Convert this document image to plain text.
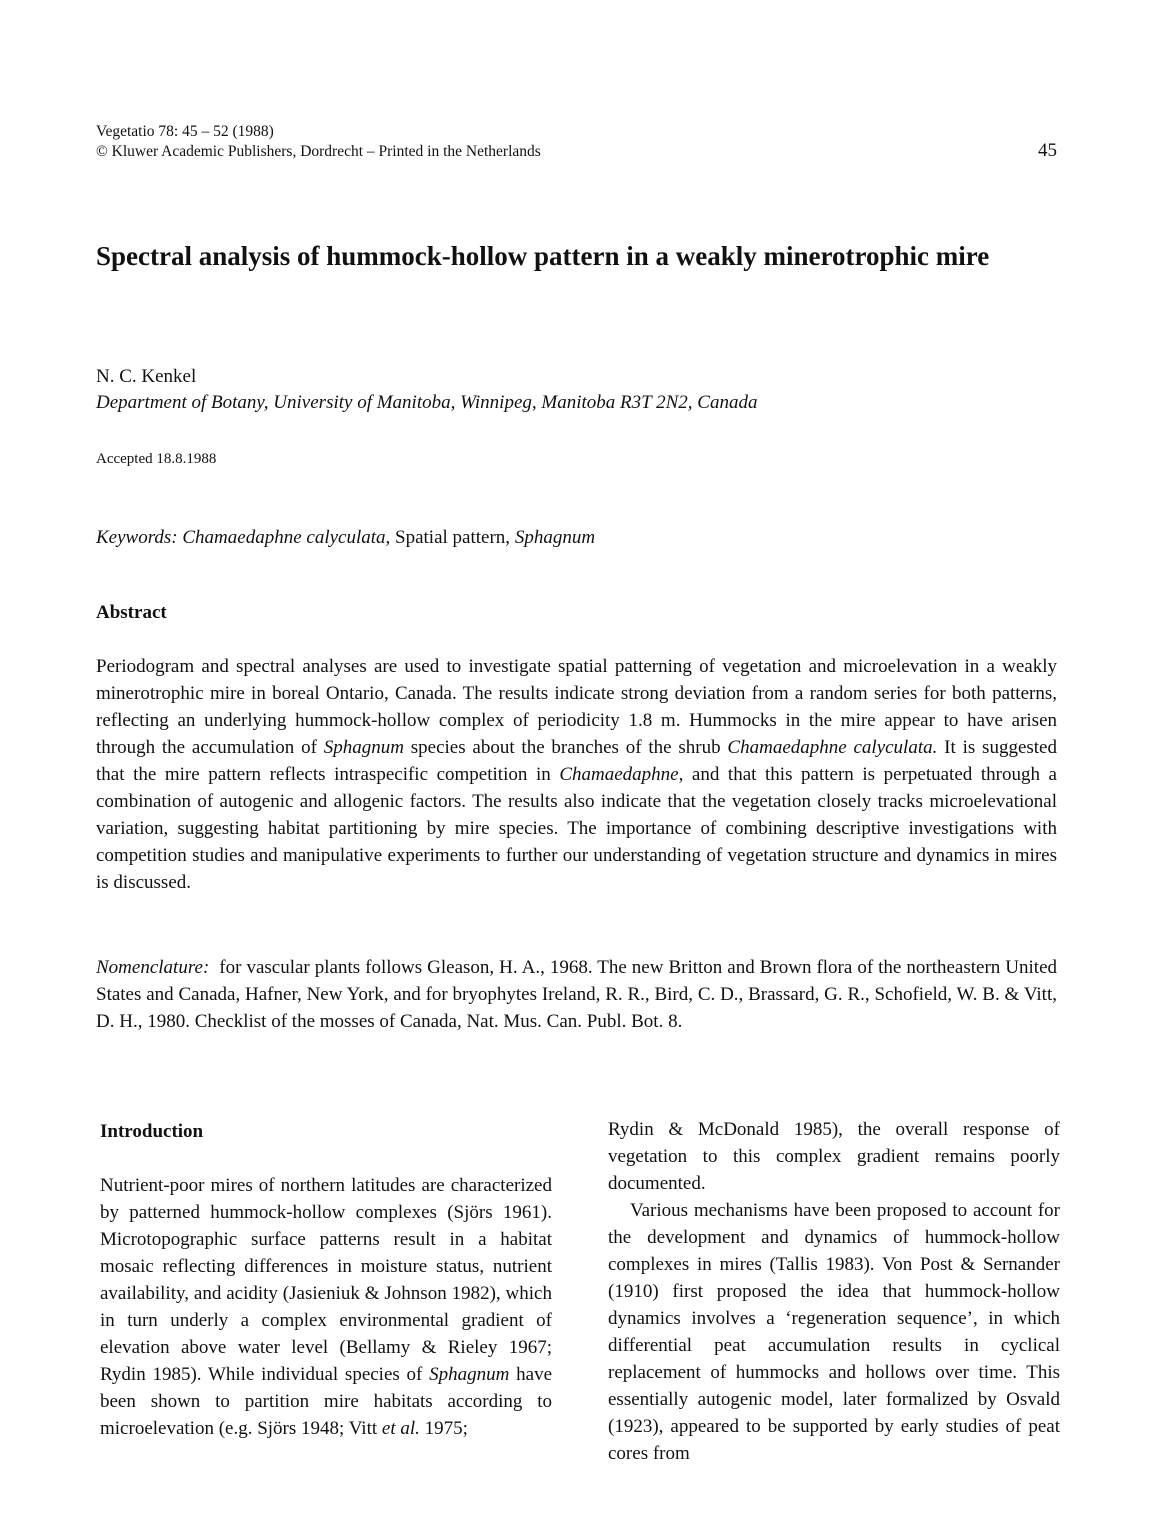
Vegetatio 78: 45 – 52 (1988)
© Kluwer Academic Publishers, Dordrecht – Printed in the Netherlands	45
Spectral analysis of hummock-hollow pattern in a weakly minerotrophic mire
N. C. Kenkel
Department of Botany, University of Manitoba, Winnipeg, Manitoba R3T 2N2, Canada
Accepted 18.8.1988
Keywords: Chamaedaphne calyculata, Spatial pattern, Sphagnum
Abstract

Periodogram and spectral analyses are used to investigate spatial patterning of vegetation and microelevation in a weakly minerotrophic mire in boreal Ontario, Canada. The results indicate strong deviation from a random series for both patterns, reflecting an underlying hummock-hollow complex of periodicity 1.8 m. Hummocks in the mire appear to have arisen through the accumulation of Sphagnum species about the branches of the shrub Chamaedaphne calyculata. It is suggested that the mire pattern reflects intraspecific competition in Chamaedaphne, and that this pattern is perpetuated through a combination of autogenic and allogenic factors. The results also indicate that the vegetation closely tracks microelevational variation, suggesting habitat partitioning by mire species. The importance of combining descriptive investigations with competition studies and manipulative experiments to further our understanding of vegetation structure and dynamics in mires is discussed.

Nomenclature:  for vascular plants follows Gleason, H. A., 1968. The new Britton and Brown flora of the northeastern United States and Canada, Hafner, New York, and for bryophytes Ireland, R. R., Bird, C. D., Brassard, G. R., Schofield, W. B. & Vitt, D. H., 1980. Checklist of the mosses of Canada, Nat. Mus. Can. Publ. Bot. 8.

Introduction

Nutrient-poor mires of northern latitudes are characterized by patterned hummock-hollow complexes (Sjörs 1961). Microtopographic surface patterns result in a habitat mosaic reflecting differences in moisture status, nutrient availability, and acidity (Jasieniuk & Johnson 1982), which in turn underly a complex environmental gradient of elevation above water level (Bellamy & Rieley 1967; Rydin 1985). While individual species of Sphagnum have been shown to partition mire habitats according to microelevation (e.g. Sjörs 1948; Vitt et al. 1975;

Rydin & McDonald 1985), the overall response of vegetation to this complex gradient remains poorly documented.

Various mechanisms have been proposed to account for the development and dynamics of hummock-hollow complexes in mires (Tallis 1983). Von Post & Sernander (1910) first proposed the idea that hummock-hollow dynamics involves a ‘regeneration sequence’, in which differential peat accumulation results in cyclical replacement of hummocks and hollows over time. This essentially autogenic model, later formalized by Osvald (1923), appeared to be supported by early studies of peat cores from
